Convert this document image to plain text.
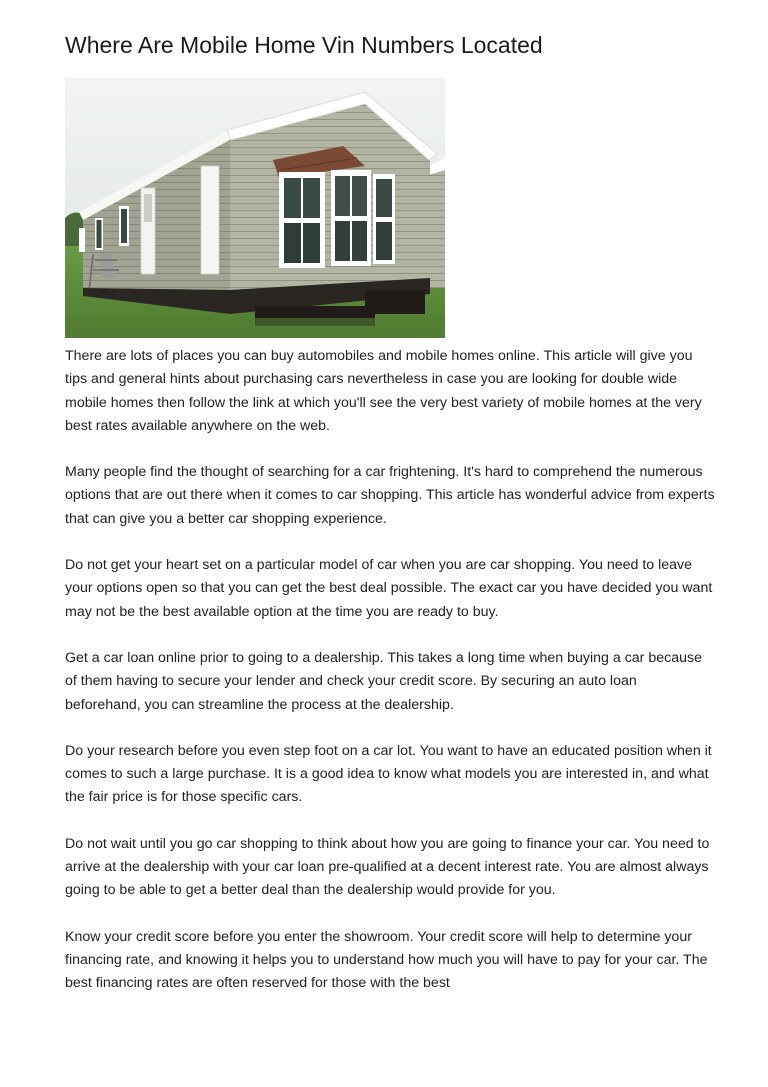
Where Are Mobile Home Vin Numbers Located

There are lots of places you can buy automobiles and mobile homes online. This article will give you tips and general hints about purchasing cars nevertheless in case you are looking for double wide mobile homes then follow the link at which you'll see the very best variety of mobile homes at the very best rates available anywhere on the web.

Many people find the thought of searching for a car frightening. It's hard to comprehend the numerous options that are out there when it comes to car shopping. This article has wonderful advice from experts that can give you a better car shopping experience.

Do not get your heart set on a particular model of car when you are car shopping. You need to leave your options open so that you can get the best deal possible. The exact car you have decided you want may not be the best available option at the time you are ready to buy.

Get a car loan online prior to going to a dealership. This takes a long time when buying a car because of them having to secure your lender and check your credit score. By securing an auto loan beforehand, you can streamline the process at the dealership.

Do your research before you even step foot on a car lot. You want to have an educated position when it comes to such a large purchase. It is a good idea to know what models you are interested in, and what the fair price is for those specific cars.

Do not wait until you go car shopping to think about how you are going to finance your car. You need to arrive at the dealership with your car loan pre-qualified at a decent interest rate. You are almost always going to be able to get a better deal than the dealership would provide for you.

Know your credit score before you enter the showroom. Your credit score will help to determine your financing rate, and knowing it helps you to understand how much you will have to pay for your car. The best financing rates are often reserved for those with the best
